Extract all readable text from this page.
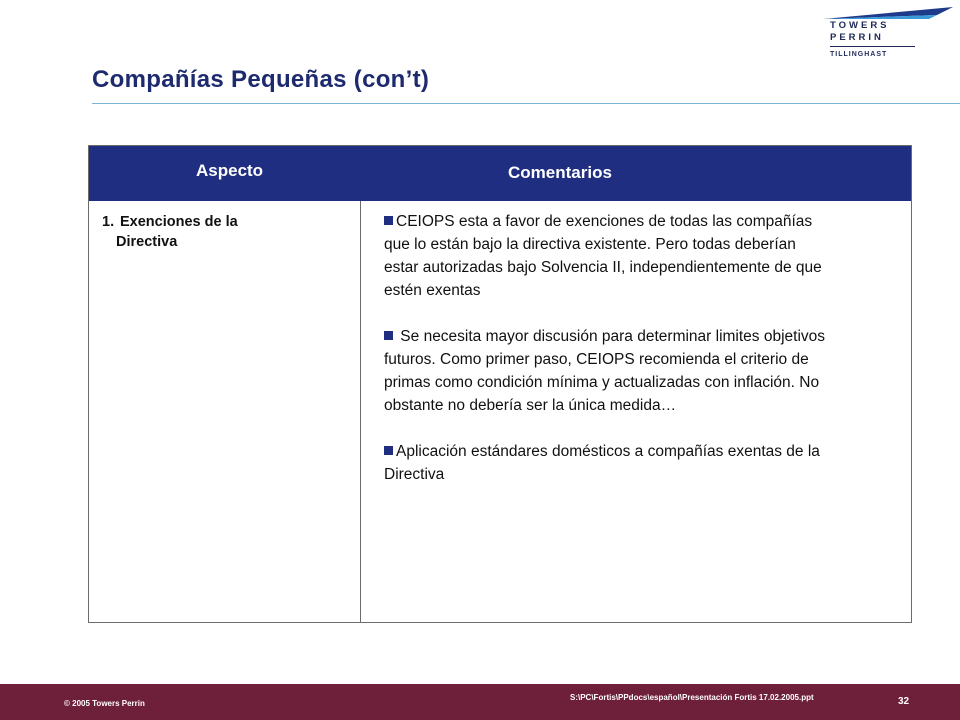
TOWERS
PERRIN
TILLINGHAST
Compañías Pequeñas (con’t)
Aspecto	Comentarios
1. Exenciones de la
Directiva
CEIOPS esta a favor de exenciones de todas las compañías
que lo están bajo la directiva existente. Pero todas deberían
estar autorizadas bajo Solvencia II, independientemente de que
estén exentas
Se necesita mayor discusión para determinar limites objetivos
futuros. Como primer paso, CEIOPS recomienda el criterio de
primas como condición mínima y actualizadas con inflación. No
obstante no debería ser la única medida…
Aplicación estándares domésticos a compañías exentas de la
Directiva
© 2005 Towers Perrin
S:\PC\Fortis\PPdocs\español\Presentación Fortis 17.02.2005.ppt	32
